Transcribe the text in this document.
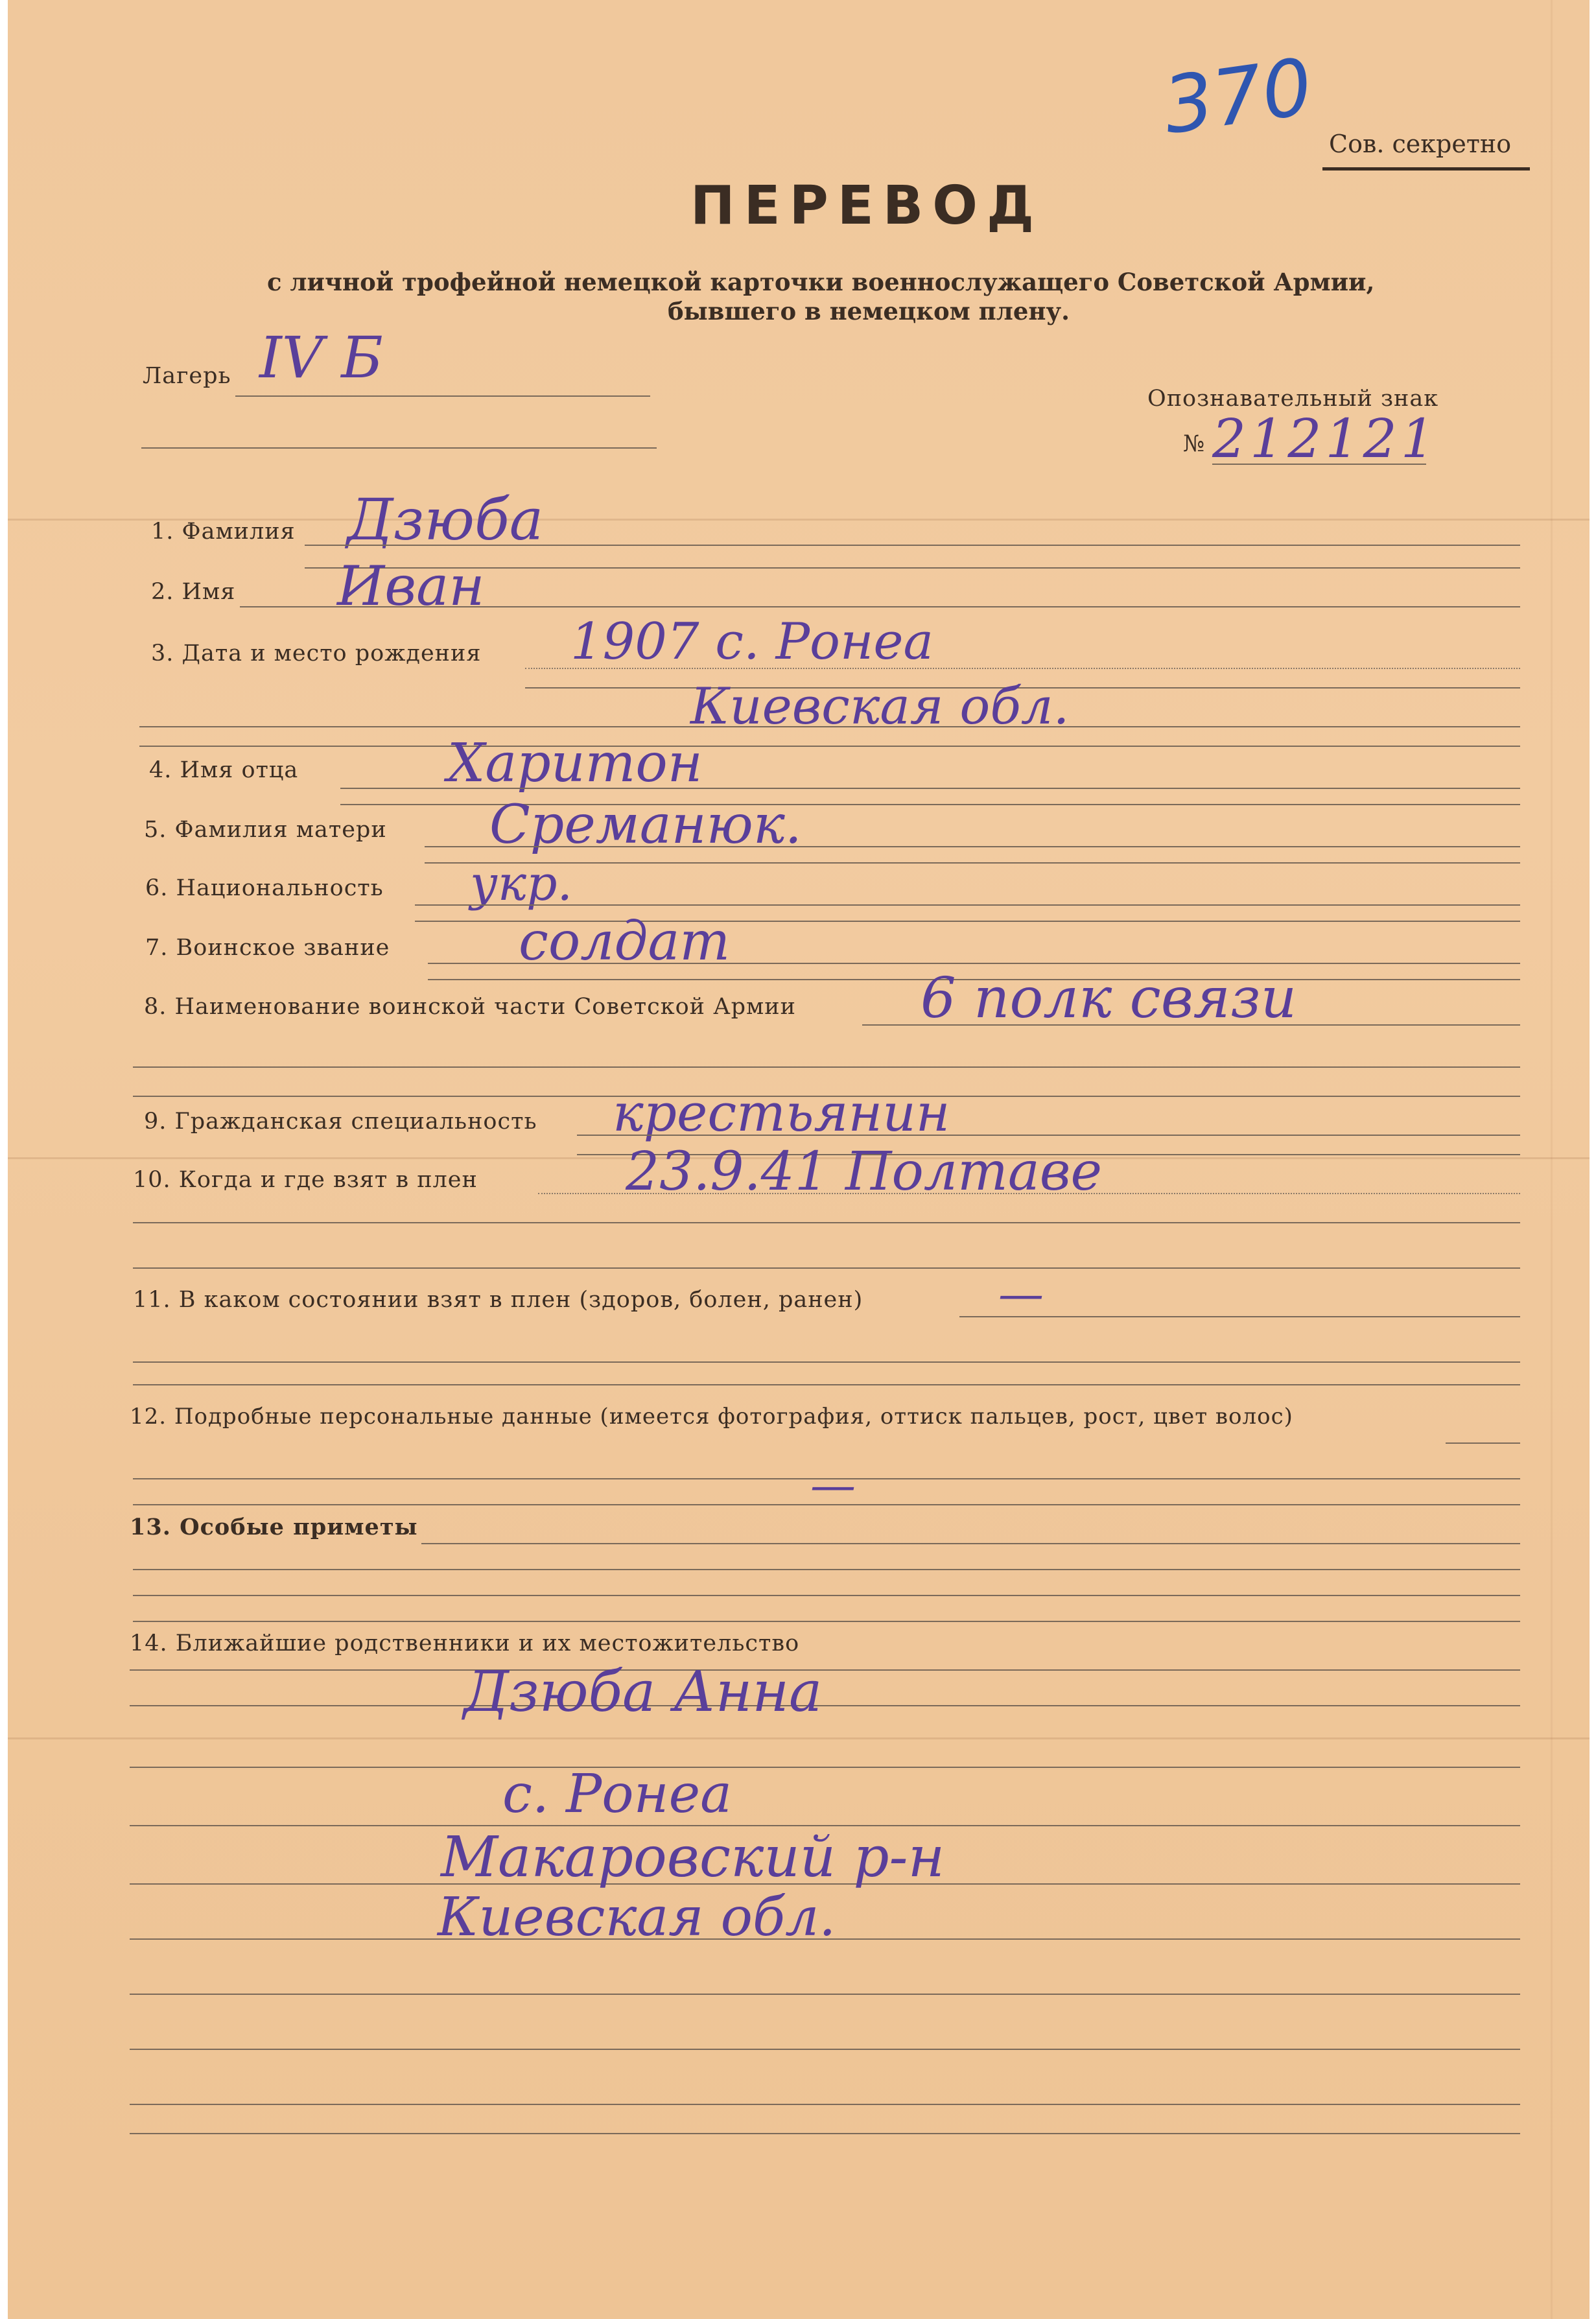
370 Сов. секретно
ПЕРЕВОД
с личной трофейной немецкой карточки военнослужащего Советской Армии,
бывшего в немецком плену.
Лагерь IV Б
Опознавательный знак
№ 212121
1. Фамилия Дзюба
2. Имя Иван
3. Дата и место рождения 1907 с. Ронеа
Киевская обл.
4. Имя отца	Харитон
5. Фамилия матери Среманюк.
6. Национальность укр.
7. Воинское звание солдат
8. Наименование воинской части Советской Армии 6 полк связи
9. Гражданская специальность крестьянин
10. Когда и где взят в плен	23.9.41 Полтаве
11. В каком состоянии взят в плен (здоров, болен, ранен)	—
12. Подробные персональные данные (имеется фотография, оттиск пальцев, рост, цвет волос)
—
13. Особые приметы
14. Ближайшие родственники и их местожительство
Дзюба Анна
с. Ронеа
Макаровский р-н
Киевская обл.
